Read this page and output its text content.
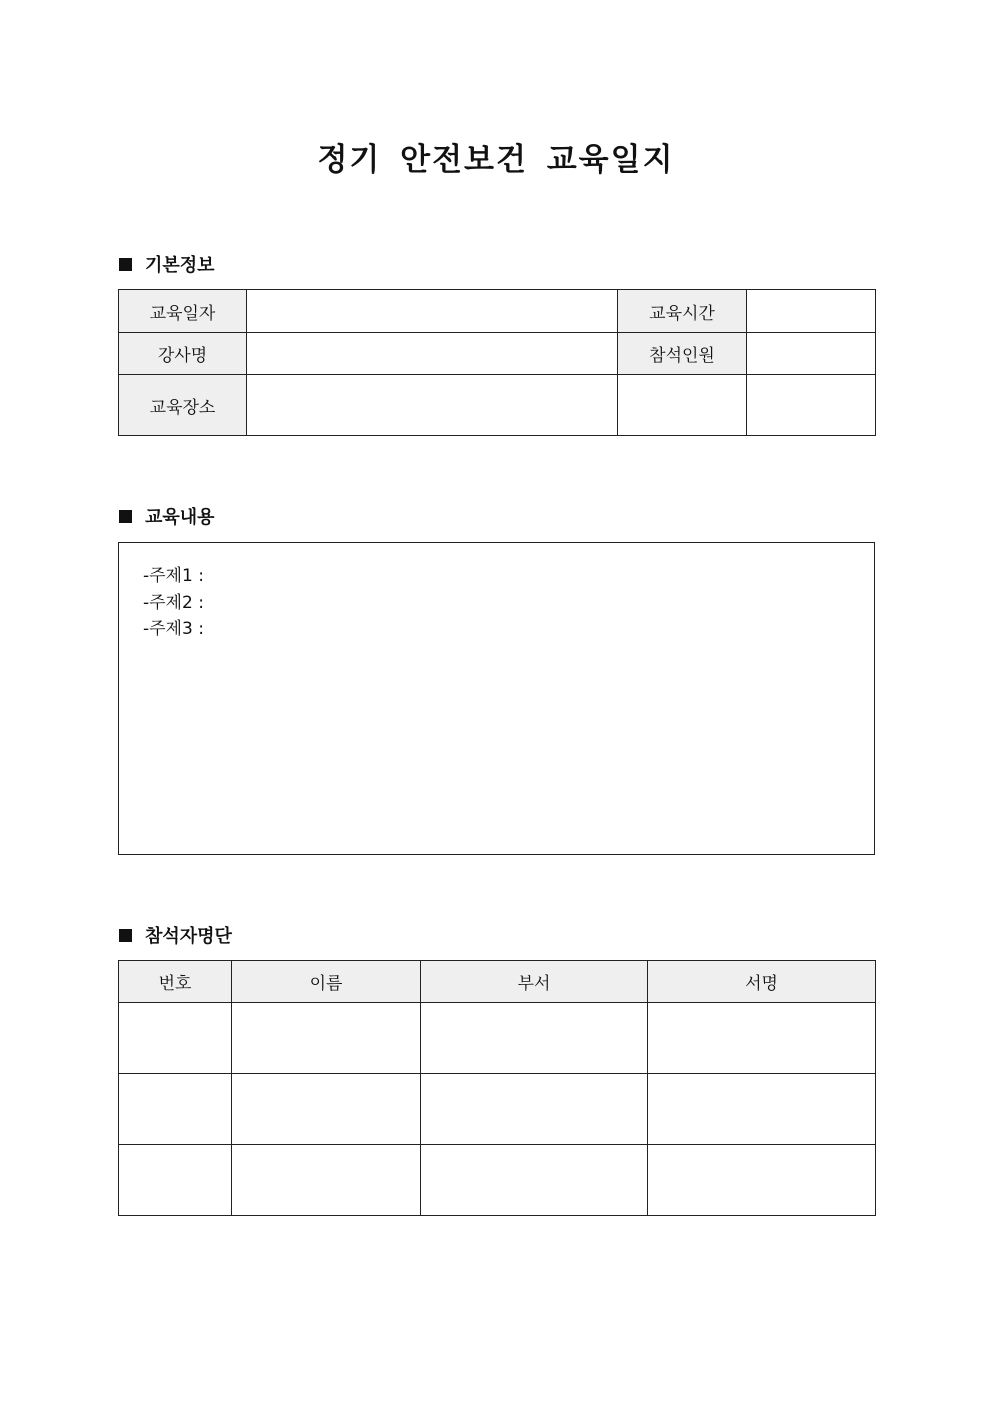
정기 안전보건 교육일지
기본정보
교육일자		교육시간	
강사명		참석인원	
교육장소			
교육내용
-주제1 :
-주제2 :
-주제3 :
참석자명단
번호	이름	부서	서명
